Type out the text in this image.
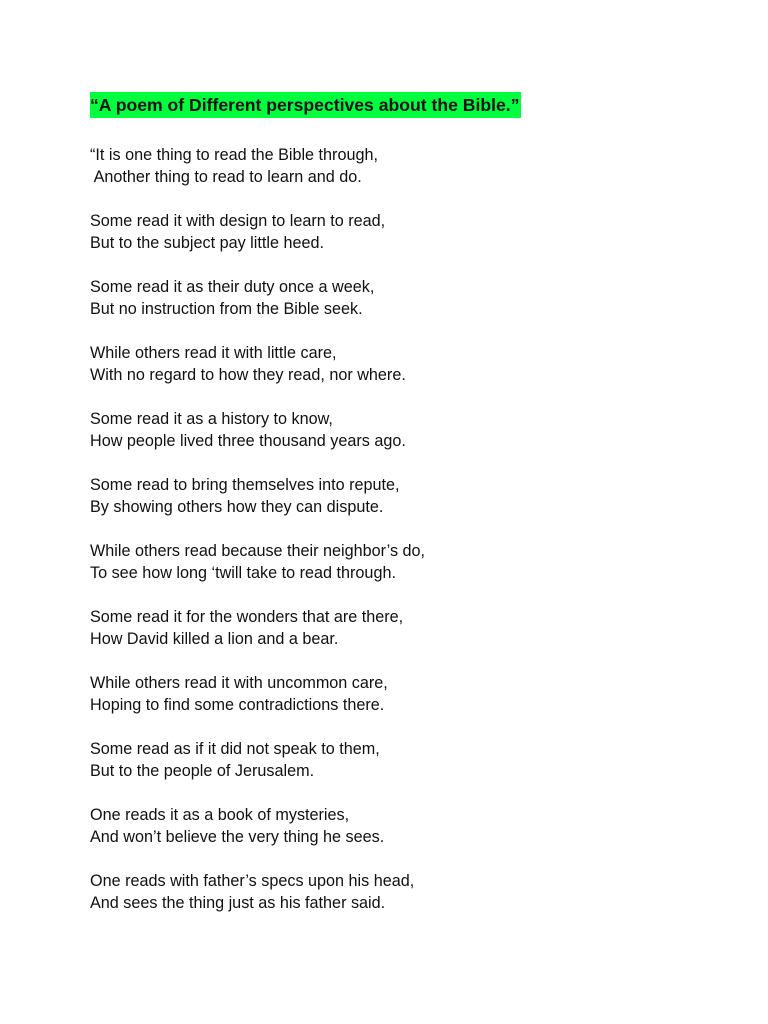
“A poem of Different perspectives about the Bible.”
“It is one thing to read the Bible through,
Another thing to read to learn and do.
Some read it with design to learn to read,
But to the subject pay little heed.
Some read it as their duty once a week,
But no instruction from the Bible seek.
While others read it with little care,
With no regard to how they read, nor where.
Some read it as a history to know,
How people lived three thousand years ago.
Some read to bring themselves into repute,
By showing others how they can dispute.
While others read because their neighbor’s do,
To see how long ‘twill take to read through.
Some read it for the wonders that are there,
How David killed a lion and a bear.
While others read it with uncommon care,
Hoping to find some contradictions there.
Some read as if it did not speak to them,
But to the people of Jerusalem.
One reads it as a book of mysteries,
And won’t believe the very thing he sees.
One reads with father’s specs upon his head,
And sees the thing just as his father said.
